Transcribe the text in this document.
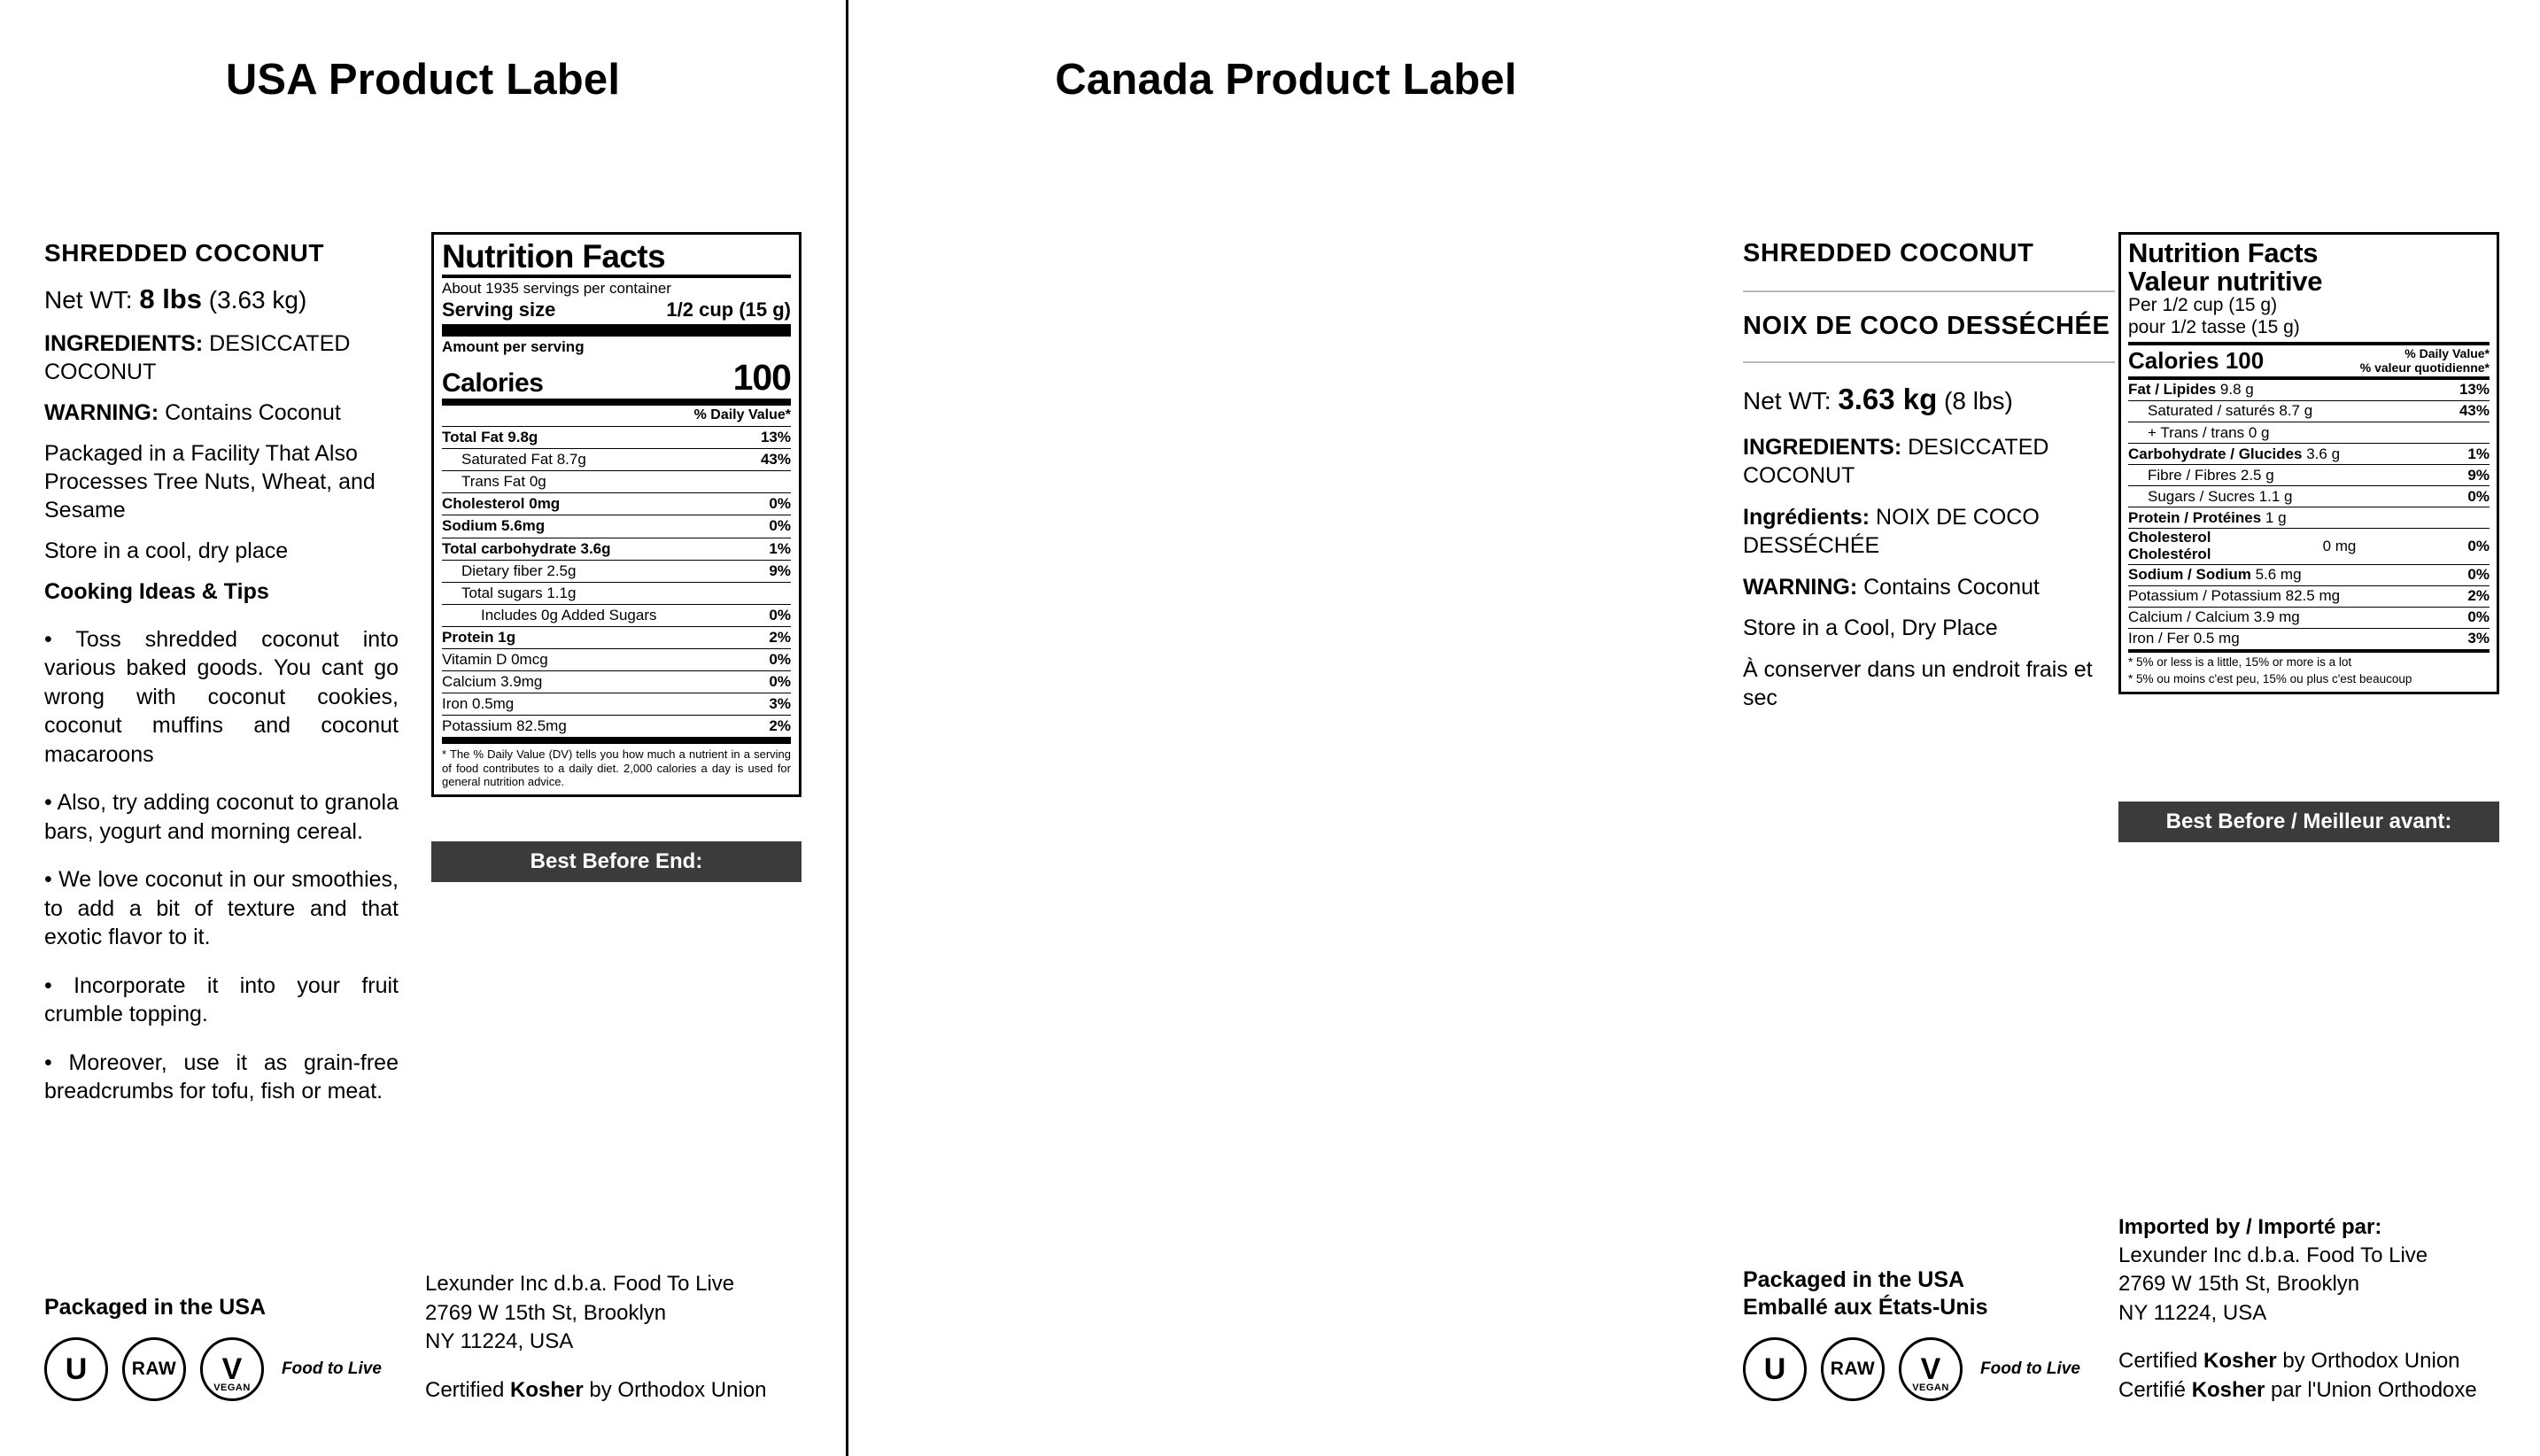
USA Product Label
SHREDDED COCONUT
Net WT: 8 lbs (3.63 kg)
INGREDIENTS: DESICCATED COCONUT
WARNING: Contains Coconut
Packaged in a Facility That Also Processes Tree Nuts, Wheat, and Sesame
Store in a cool, dry place
Cooking Ideas & Tips
• Toss shredded coconut into various baked goods. You cant go wrong with coconut cookies, coconut muffins and coconut macaroons
• Also, try adding coconut to granola bars, yogurt and morning cereal.
• We love coconut in our smoothies, to add a bit of texture and that exotic flavor to it.
• Incorporate it into your fruit crumble topping.
• Moreover, use it as grain-free breadcrumbs for tofu, fish or meat.
Nutrition Facts
About 1935 servings per container
Serving size	1/2 cup (15 g)
Amount per serving
Calories	100
% Daily Value*
Total Fat 9.8g	13%
Saturated Fat 8.7g	43%
Trans Fat 0g
Cholesterol 0mg	0%
Sodium 5.6mg	0%
Total carbohydrate 3.6g	1%
Dietary fiber 2.5g	9%
Total sugars 1.1g
Includes 0g Added Sugars	0%
Protein 1g	2%
Vitamin D 0mcg	0%
Calcium 3.9mg	0%
Iron 0.5mg	3%
Potassium 82.5mg	2%
* The % Daily Value (DV) tells you how much a nutrient in a serving of food contributes to a daily diet. 2,000 calories a day is used for general nutrition advice.
Best Before End:
Packaged in the USA
U RAW V
VEGAN
Food to Live
Lexunder Inc d.b.a. Food To Live
2769 W 15th St, Brooklyn
NY 11224, USA
Certified Kosher by Orthodox Union
Canada Product Label
SHREDDED COCONUT
NOIX DE COCO DESSÉCHÉE
Net WT: 3.63 kg (8 lbs)
INGREDIENTS: DESICCATED COCONUT
Ingrédients: NOIX DE COCO DESSÉCHÉE
WARNING: Contains Coconut
Store in a Cool, Dry Place
À conserver dans un endroit frais et sec
Nutrition Facts
Valeur nutritive
Per 1/2 cup (15 g)
pour 1/2 tasse (15 g)
Calories 100	% Daily Value*
% valeur quotidienne*
Fat / Lipides 9.8 g	13%
Saturated / saturés 8.7 g	43%
+ Trans / trans 0 g
Carbohydrate / Glucides 3.6 g	1%
Fibre / Fibres 2.5 g	9%
Sugars / Sucres 1.1 g	0%
Protein / Protéines 1 g
Cholesterol
Cholestérol	0 mg	0%
Sodium / Sodium 5.6 mg	0%
Potassium / Potassium 82.5 mg	2%
Calcium / Calcium 3.9 mg	0%
Iron / Fer 0.5 mg	3%
* 5% or less is a little, 15% or more is a lot
* 5% ou moins c'est peu, 15% ou plus c'est beaucoup
Best Before / Meilleur avant:
Packaged in the USA
Emballé aux États-Unis
U RAW V
VEGAN
Food to Live
Imported by / Importé par:
Lexunder Inc d.b.a. Food To Live
2769 W 15th St, Brooklyn
NY 11224, USA
Certified Kosher by Orthodox Union
Certifié Kosher par l'Union Orthodoxe
